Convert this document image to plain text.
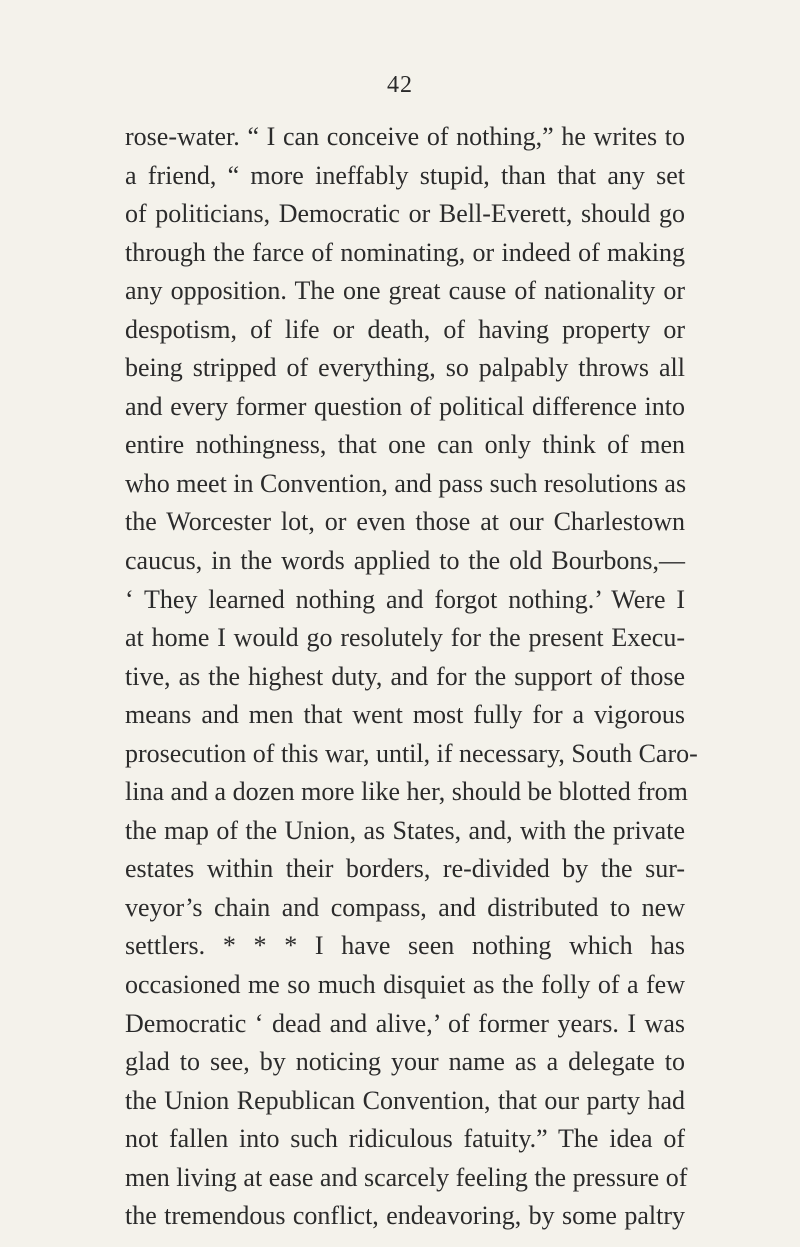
42
rose-water. “ I can conceive of nothing,” he writes to
a friend, “ more ineffably stupid, than that any set
of politicians, Democratic or Bell-Everett, should go
through the farce of nominating, or indeed of making
any opposition. The one great cause of nationality or
despotism, of life or death, of having property or
being stripped of everything, so palpably throws all
and every former question of political difference into
entire nothingness, that one can only think of men
who meet in Convention, and pass such resolutions as
the Worcester lot, or even those at our Charlestown
caucus, in the words applied to the old Bourbons,—
‘ They learned nothing and forgot nothing.’ Were I
at home I would go resolutely for the present Execu-
tive, as the highest duty, and for the support of those
means and men that went most fully for a vigorous
prosecution of this war, until, if necessary, South Caro-
lina and a dozen more like her, should be blotted from
the map of the Union, as States, and, with the private
estates within their borders, re-divided by the sur-
veyor’s chain and compass, and distributed to new
settlers. * * * I have seen nothing which has
occasioned me so much disquiet as the folly of a few
Democratic ‘ dead and alive,’ of former years. I was
glad to see, by noticing your name as a delegate to
the Union Republican Convention, that our party had
not fallen into such ridiculous fatuity.” The idea of
men living at ease and scarcely feeling the pressure of
the tremendous conflict, endeavoring, by some paltry
